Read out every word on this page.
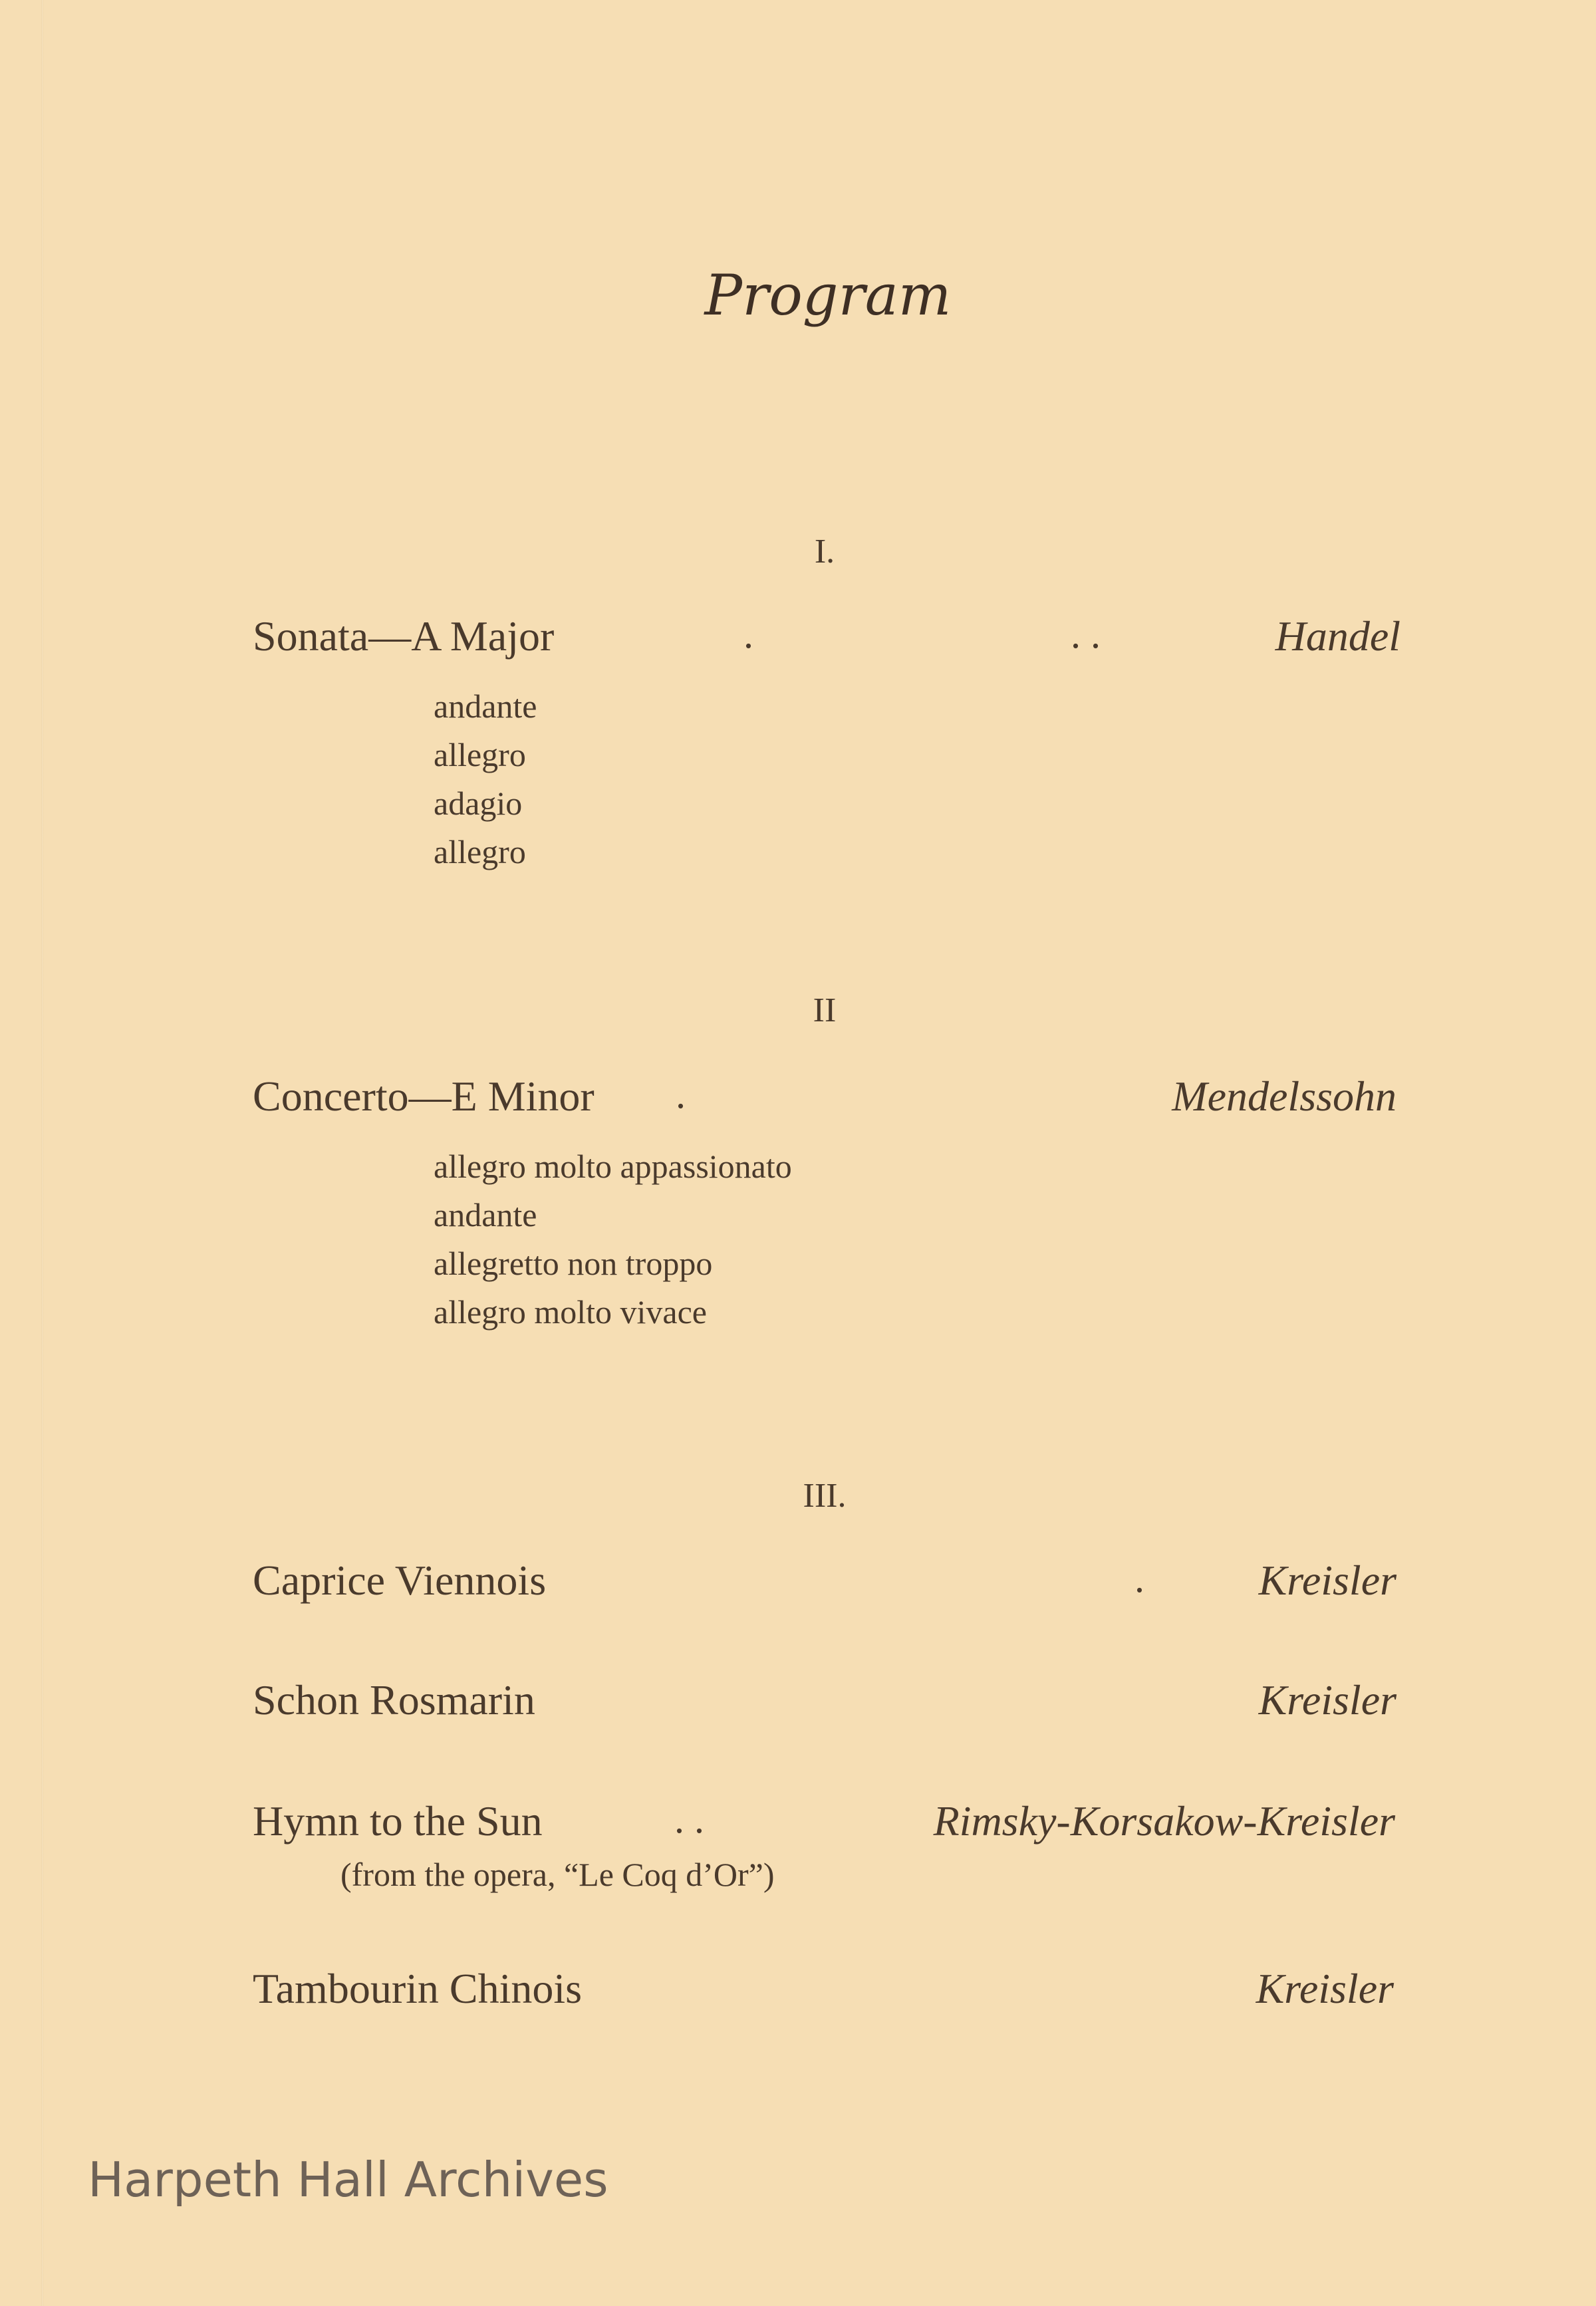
Program
I.
Sonata—A Major	.	. .	Handel
andante
allegro
adagio
allegro
II
Concerto—E Minor .	Mendelssohn
allegro molto appassionato
andante
allegretto non troppo
allegro molto vivace
III.
Caprice Viennois	.	Kreisler
Schon Rosmarin	Kreisler
Hymn to the Sun	. .	Rimsky-Korsakow-Kreisler
(from the opera, “Le Coq d’Or”)
Tambourin Chinois	Kreisler
Harpeth Hall Archives
